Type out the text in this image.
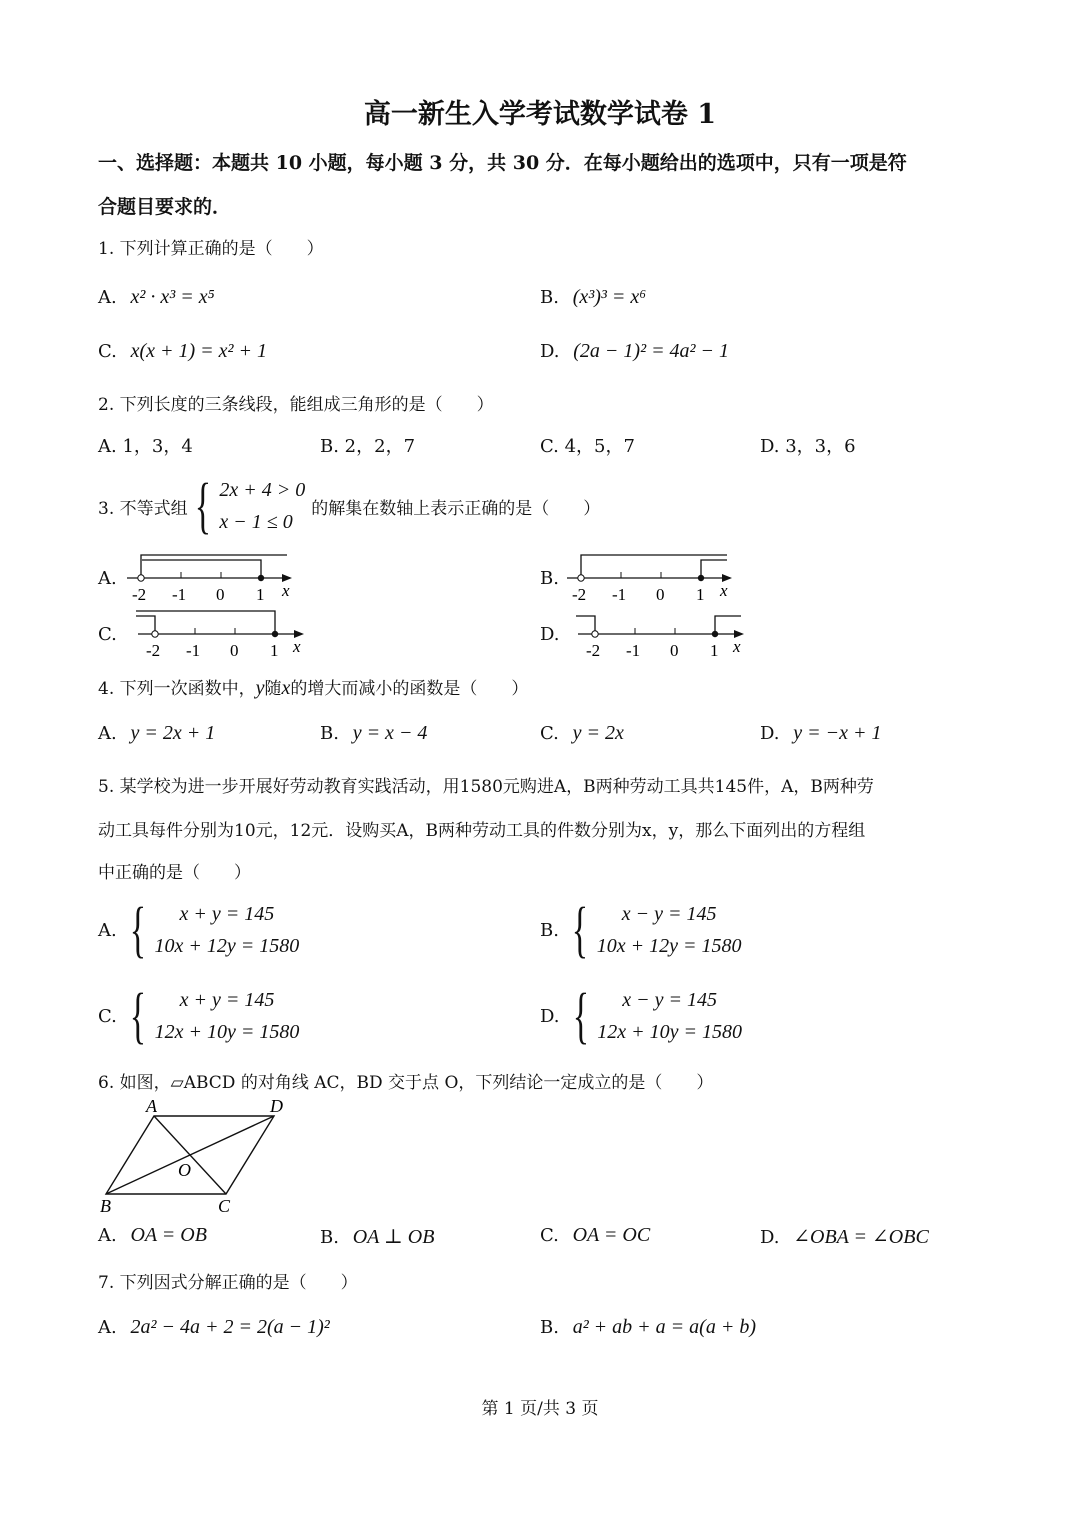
高一新生入学考试数学试卷 1
一、选择题：本题共 10 小题，每小题 3 分，共 30 分．在每小题给出的选项中，只有一项是符
合题目要求的．
1. 下列计算正确的是（　　）
A. x² · x³ = x⁵	B. (x³)³ = x⁶
C. x(x + 1) = x² + 1	D. (2a − 1)² = 4a² − 1
2. 下列长度的三条线段，能组成三角形的是（　　）
A. 1，3，4	B. 2，2，7	C. 4，5，7	D. 3，3，6
3. 不等式组 { 2x + 4 > 0
x − 1 ≤ 0
的解集在数轴上表示正确的是（　　）
A.
-2 -1 0 1 x
B.
-2 -1 0 1 x
C.
-2 -1 0 1 x
D.
-2 -1 0 1 x
4. 下列一次函数中，y随x的增大而减小的函数是（　　）
A. y = 2x + 1	B. y = x − 4	C. y = 2x	D. y = −x + 1
5. 某学校为进一步开展好劳动教育实践活动，用1580元购进A，B两种劳动工具共145件，A，B两种劳
动工具每件分别为10元，12元．设购买A，B两种劳动工具的件数分别为x，y，那么下面列出的方程组
中正确的是（　　）
A. {	x + y = 145
10x + 12y = 1580
B. {	x − y = 145
10x + 12y = 1580
C. {	x + y = 145
12x + 10y = 1580
D. {	x − y = 145
12x + 10y = 1580
6. 如图，▱ABCD 的对角线 AC，BD 交于点 O，下列结论一定成立的是（　　）
A	D
B	C
O
A. OA = OB	B. OA ⊥ OB	C. OA = OC	D. ∠OBA = ∠OBC
7. 下列因式分解正确的是（　　）
A. 2a² − 4a + 2 = 2(a − 1)²	B. a² + ab + a = a(a + b)
第 1 页/共 3 页
